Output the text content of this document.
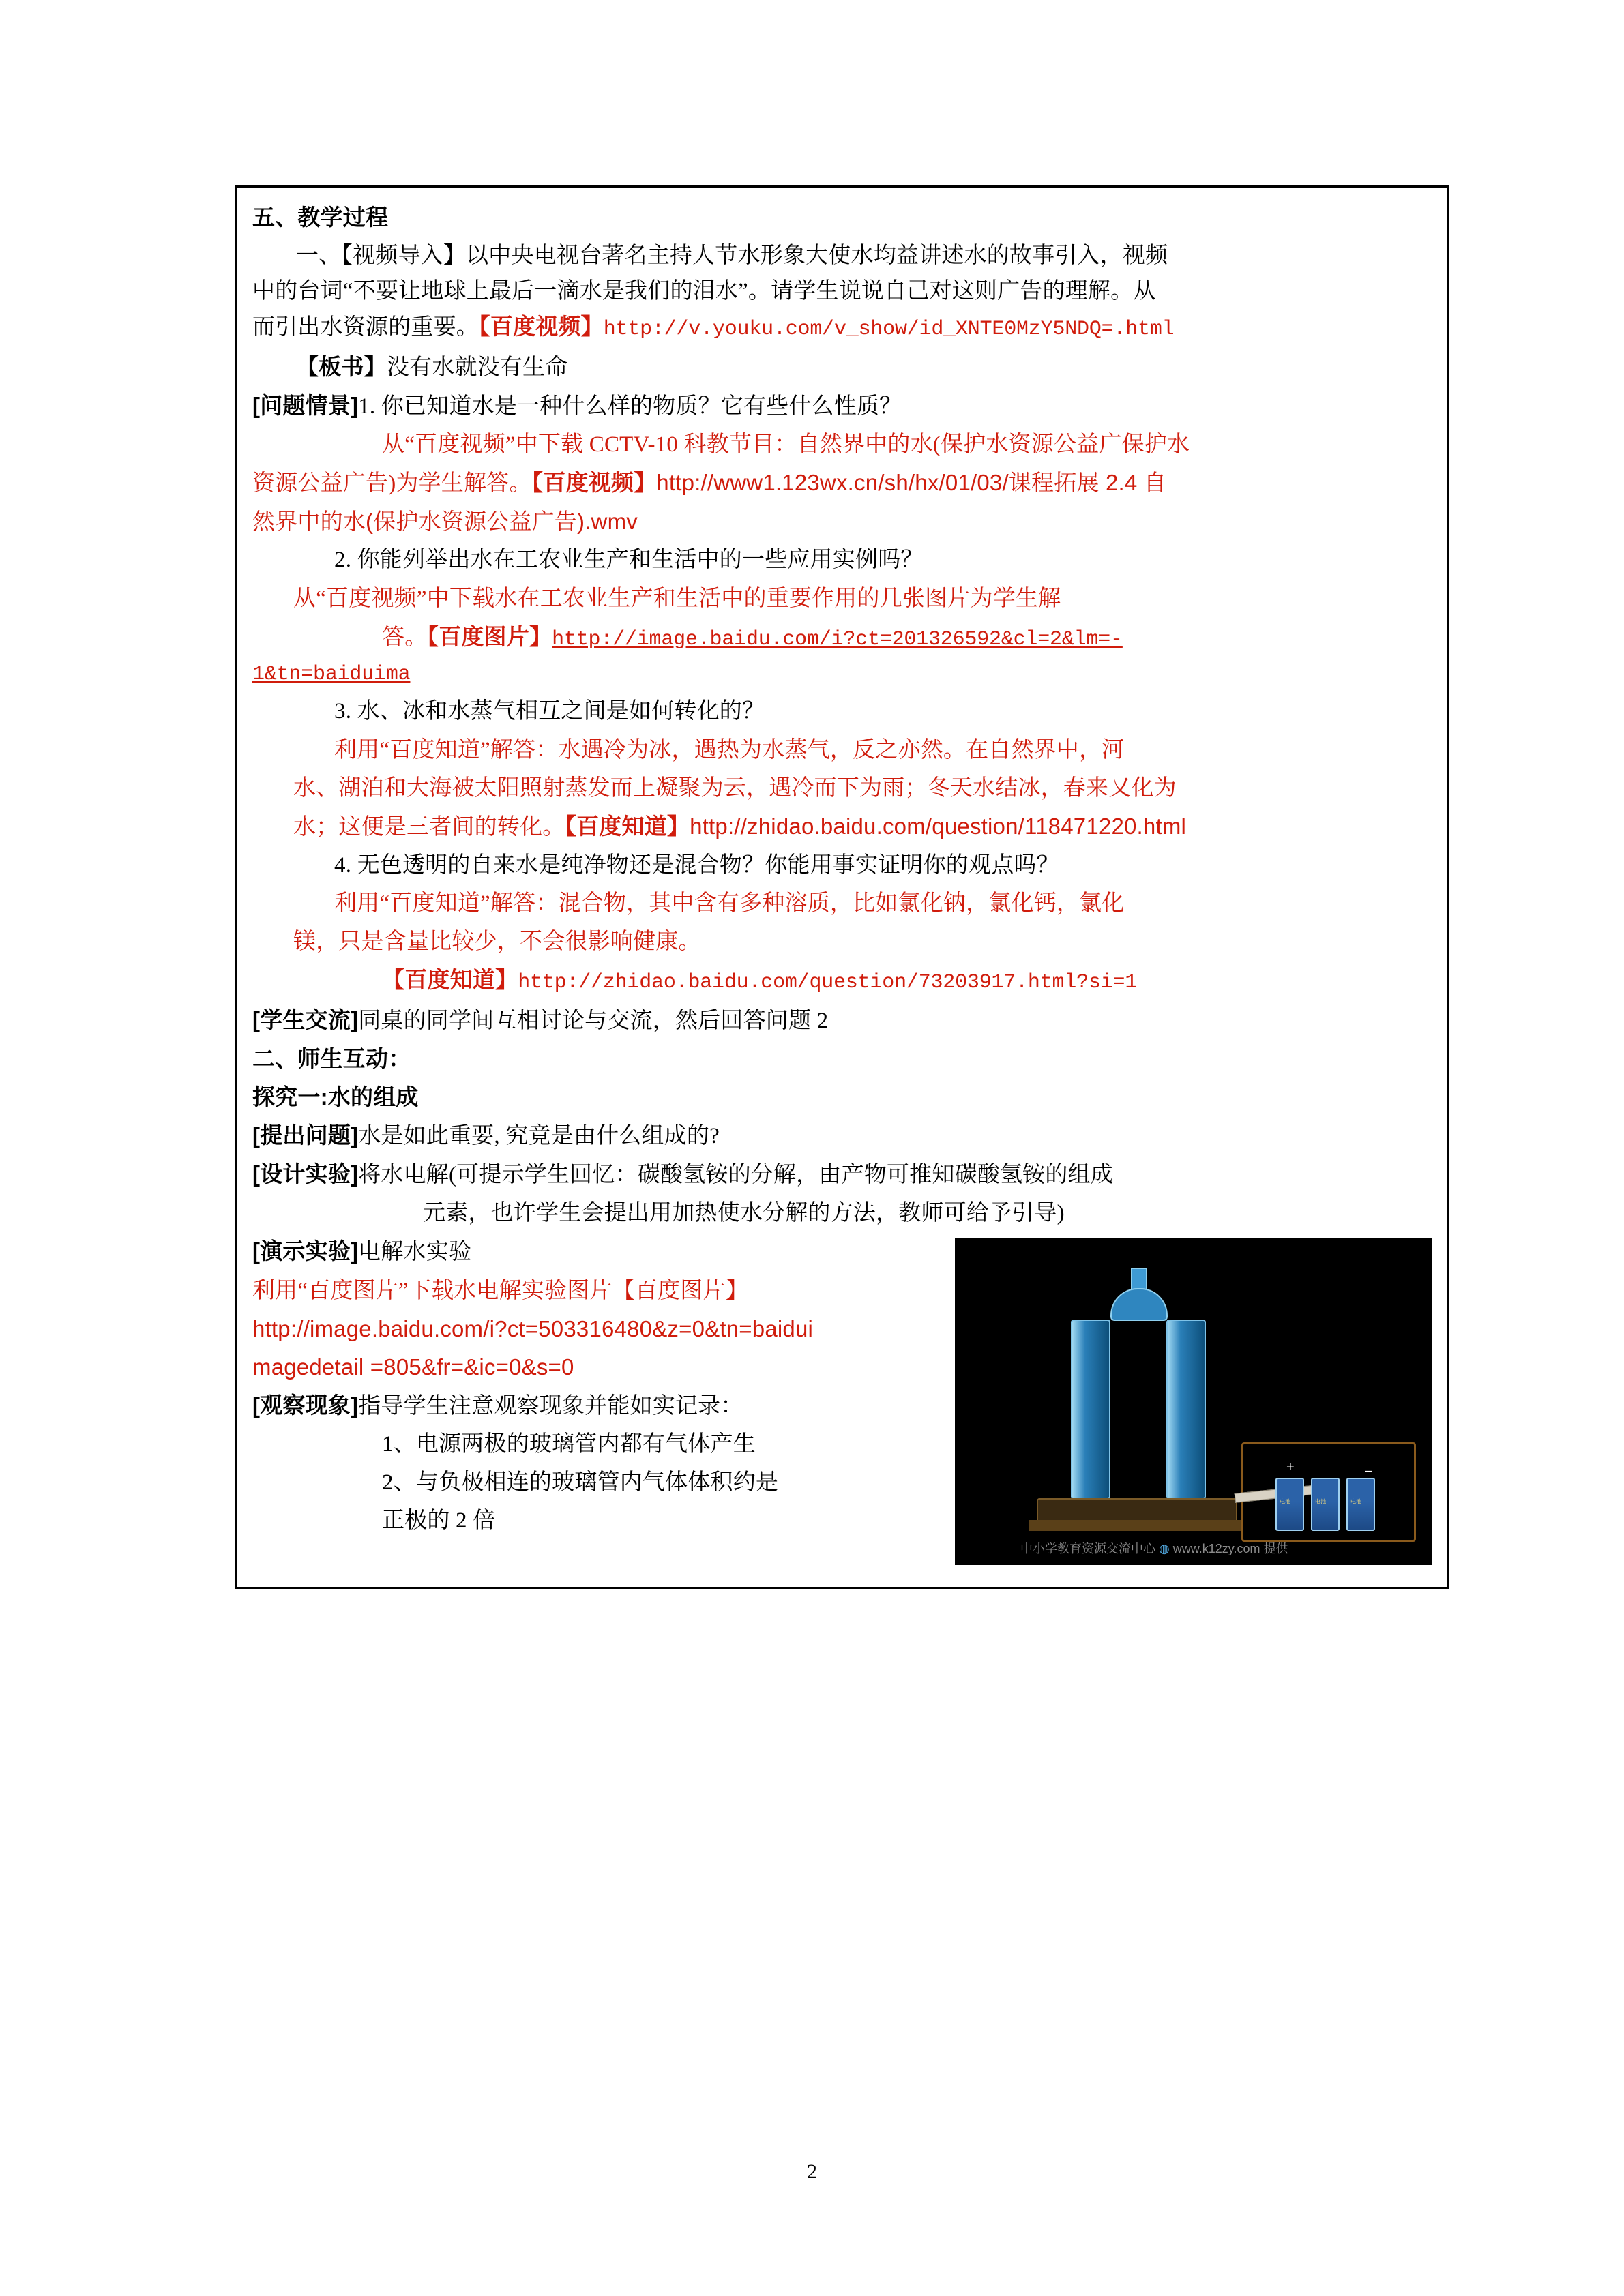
五、教学过程

一、【视频导入】以中央电视台著名主持人节水形象大使水均益讲述水的故事引入，视频
中的台词“不要让地球上最后一滴水是我们的泪水”。请学生说说自己对这则广告的理解。从
而引出水资源的重要。【百度视频】http://v.youku.com/v_show/id_XNTE0MzY5NDQ=.html

【板书】没有水就没有生命

[问题情景]1. 你已知道水是一种什么样的物质？它有些什么性质？

从“百度视频”中下载 CCTV-10 科教节目：自然界中的水(保护水资源公益广保护水

资源公益广告)为学生解答。【百度视频】http://www1.123wx.cn/sh/hx/01/03/课程拓展 2.4 自

然界中的水(保护水资源公益广告).wmv

2. 你能列举出水在工农业生产和生活中的一些应用实例吗？

从“百度视频”中下载水在工农业生产和生活中的重要作用的几张图片为学生解

答。【百度图片】http://image.baidu.com/i?ct=201326592&cl=2&lm=-

1&tn=baiduima

3. 水、冰和水蒸气相互之间是如何转化的？

利用“百度知道”解答：水遇冷为冰，遇热为水蒸气，反之亦然。在自然界中，河

水、湖泊和大海被太阳照射蒸发而上凝聚为云，遇冷而下为雨；冬天水结冰，春来又化为

水；这便是三者间的转化。【百度知道】http://zhidao.baidu.com/question/118471220.html

4. 无色透明的自来水是纯净物还是混合物？你能用事实证明你的观点吗？

利用“百度知道”解答：混合物，其中含有多种溶质，比如氯化钠，氯化钙，氯化

镁，只是含量比较少，不会很影响健康。

【百度知道】http://zhidao.baidu.com/question/73203917.html?si=1

[学生交流]同桌的同学间互相讨论与交流，然后回答问题 2

二、师生互动：

探究一:水的组成

[提出问题]水是如此重要, 究竟是由什么组成的?

[设计实验]将水电解(可提示学生回忆：碳酸氢铵的分解，由产物可推知碳酸氢铵的组成

元素，也许学生会提出用加热使水分解的方法，教师可给予引导)

电池	电池	电池
+	−
中小学教育资源交流中心 ◍ www.k12zy.com 提供

[演示实验]电解水实验

利用“百度图片”下载水电解实验图片【百度图片】

http://image.baidu.com/i?ct=503316480&z=0&tn=baidui

magedetail =805&fr=&ic=0&s=0

[观察现象]指导学生注意观察现象并能如实记录：

1、电源两极的玻璃管内都有气体产生

2、与负极相连的玻璃管内气体体积约是

正极的 2 倍

2
